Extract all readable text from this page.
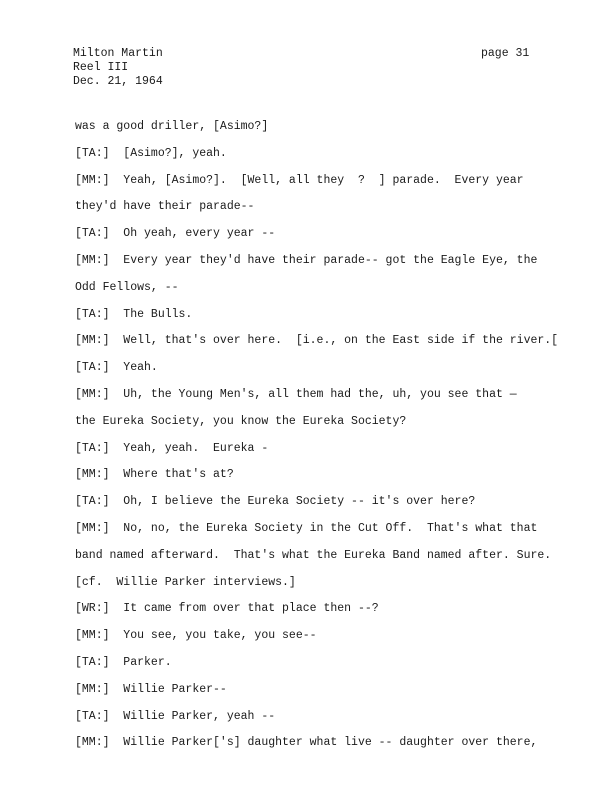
Milton Martin
Reel III
Dec. 21, 1964
page 31
was a good driller, [Asimo?]
[TA:]  [Asimo?], yeah.
[MM:]  Yeah, [Asimo?].  [Well, all they  ?  ] parade.  Every year
they'd have their parade--
[TA:]  Oh yeah, every year --
[MM:]  Every year they'd have their parade-- got the Eagle Eye, the
Odd Fellows, --
[TA:]  The Bulls.
[MM:]  Well, that's over here.  [i.e., on the East side if the river.[
[TA:]  Yeah.
[MM:]  Uh, the Young Men's, all them had the, uh, you see that —
the Eureka Society, you know the Eureka Society?
[TA:]  Yeah, yeah.  Eureka -
[MM:]  Where that's at?
[TA:]  Oh, I believe the Eureka Society -- it's over here?
[MM:]  No, no, the Eureka Society in the Cut Off.  That's what that
band named afterward.  That's what the Eureka Band named after. Sure.
[cf.  Willie Parker interviews.]
[WR:]  It came from over that place then --?
[MM:]  You see, you take, you see--
[TA:]  Parker.
[MM:]  Willie Parker--
[TA:]  Willie Parker, yeah --
[MM:]  Willie Parker['s] daughter what live -- daughter over there,
